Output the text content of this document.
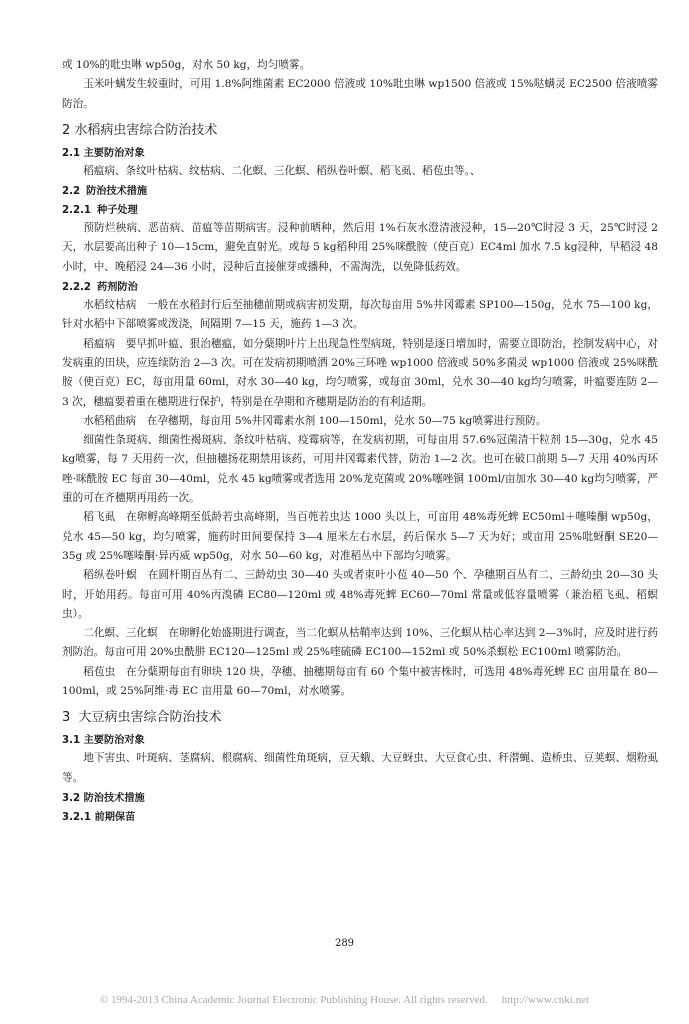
或 10%的吡虫啉 wp50g，对水 50 kg，均匀喷雾。

玉米叶螨发生较重时，可用 1.8%阿维菌素 EC2000 倍液或 10%吡虫啉 wp1500 倍液或 15%哒螨灵 EC2500 倍液喷雾防治。

2 水稻病虫害综合防治技术
2.1 主要防治对象

稻瘟病、条纹叶枯病、纹枯病、二化螟、三化螟、稻纵卷叶螟、稻飞虱、稻苞虫等。、

2.2 防治技术措施
2.2.1 种子处理

预防烂秧病、恶苗病、苗瘟等苗期病害。浸种前晒种，然后用 1%石灰水澄清液浸种，15—20℃时浸 3 天，25℃时浸 2 天，水层要高出种子 10—15cm，避免直射光。或每 5 kg稻种用 25%咪酰胺（使百克）EC4ml 加水 7.5 kg浸种，早稻浸 48 小时，中、晚稻浸 24—36 小时，浸种后直接催芽或播种，不需淘洗，以免降低药效。

2.2.2 药剂防治

水稻纹枯病　一般在水稻封行后至抽穗前期或病害初发期，每次每亩用 5%井冈霉素 SP100—150g，兑水 75—100 kg，针对水稻中下部喷雾或泼浇，间隔期 7—15 天，施药 1—3 次。

稻瘟病　要早抓叶瘟、狠治穗瘟，如分蘖期叶片上出现急性型病斑，特别是逐日增加时，需要立即防治，控制发病中心，对发病重的田块，应连续防治 2—3 次。可在发病初期喷洒 20%三环唑 wp1000 倍液或 50%多菌灵 wp1000 倍液或 25%咪酰胺（使百克）EC，每亩用量 60ml，对水 30—40 kg，均匀喷雾，或每亩 30ml，兑水 30—40 kg均匀喷雾，叶瘟要连防 2—3 次，穗瘟要着重在穗期进行保护，特别是在孕期和齐穗期是防治的有利适期。

水稻稻曲病　在孕穗期，每亩用 5%井冈霉素水剂 100—150ml，兑水 50—75 kg喷雾进行预防。

细菌性条斑病、细菌性褐斑病、条纹叶枯病、疫霉病等，在发病初期，可每亩用 57.6%冠菌清干粒剂 15—30g，兑水 45 kg喷雾，每 7 天用药一次，但抽穗扬花期禁用该药，可用井冈霉素代替，防治 1—2 次。也可在破口前期 5—7 天用 40%丙环唑·咪酰胺 EC 每亩 30—40ml，兑水 45 kg喷雾或者选用 20%龙克菌或 20%噻唑铜 100ml/亩加水 30—40 kg均匀喷雾，严重的可在齐穗期再用药一次。

稻飞虱　在卵孵高峰期至低龄若虫高峰期，当百蔸若虫达 1000 头以上，可亩用 48%毒死蜱 EC50ml＋噻嗪酮 wp50g，兑水 45—50 kg，均匀喷雾，施药时田间要保持 3—4 厘米左右水层，药后保水 5—7 天为好；或亩用 25%吡蚜酮 SE20—35g 或 25%噻嗪酮·异丙威 wp50g，对水 50—60 kg，对准稻丛中下部均匀喷雾。

稻纵卷叶螟　在圆杆期百丛有二、三龄幼虫 30—40 头或者束叶小苞 40—50 个、孕穗期百丛有二、三龄幼虫 20—30 头时，开始用药。每亩可用 40%丙溴磷 EC80—120ml 或 48%毒死蜱 EC60—70ml 常量或低容量喷雾（兼治稻飞虱、稻螟虫）。

二化螟、三化螟　在卵孵化始盛期进行调查，当二化螟从枯鞘率达到 10%、三化螟从枯心率达到 2—3%时，应及时进行药剂防治。每亩可用 20%虫酰肼 EC120—125ml 或 25%喹硫磷 EC100—152ml 或 50%杀螟松 EC100ml 喷雾防治。

稻苞虫　在分蘖期每亩有卵块 120 块，孕穗、抽穗期每亩有 60 个集中被害株时，可选用 48%毒死蜱 EC 亩用量在 80—100ml，或 25%阿维·毒 EC 亩用量 60—70ml，对水喷雾。

3 大豆病虫害综合防治技术
3.1 主要防治对象

地下害虫、叶斑病、茎腐病、根腐病、细菌性角斑病，豆天蛾、大豆蚜虫、大豆食心虫、秆潜蝇、造桥虫、豆荚螟、烟粉虱等。

3.2 防治技术措施
3.2.1 前期保苗
289
© 1994-2013 China Academic Journal Electronic Publishing House. All rights reserved. http://www.cnki.net
